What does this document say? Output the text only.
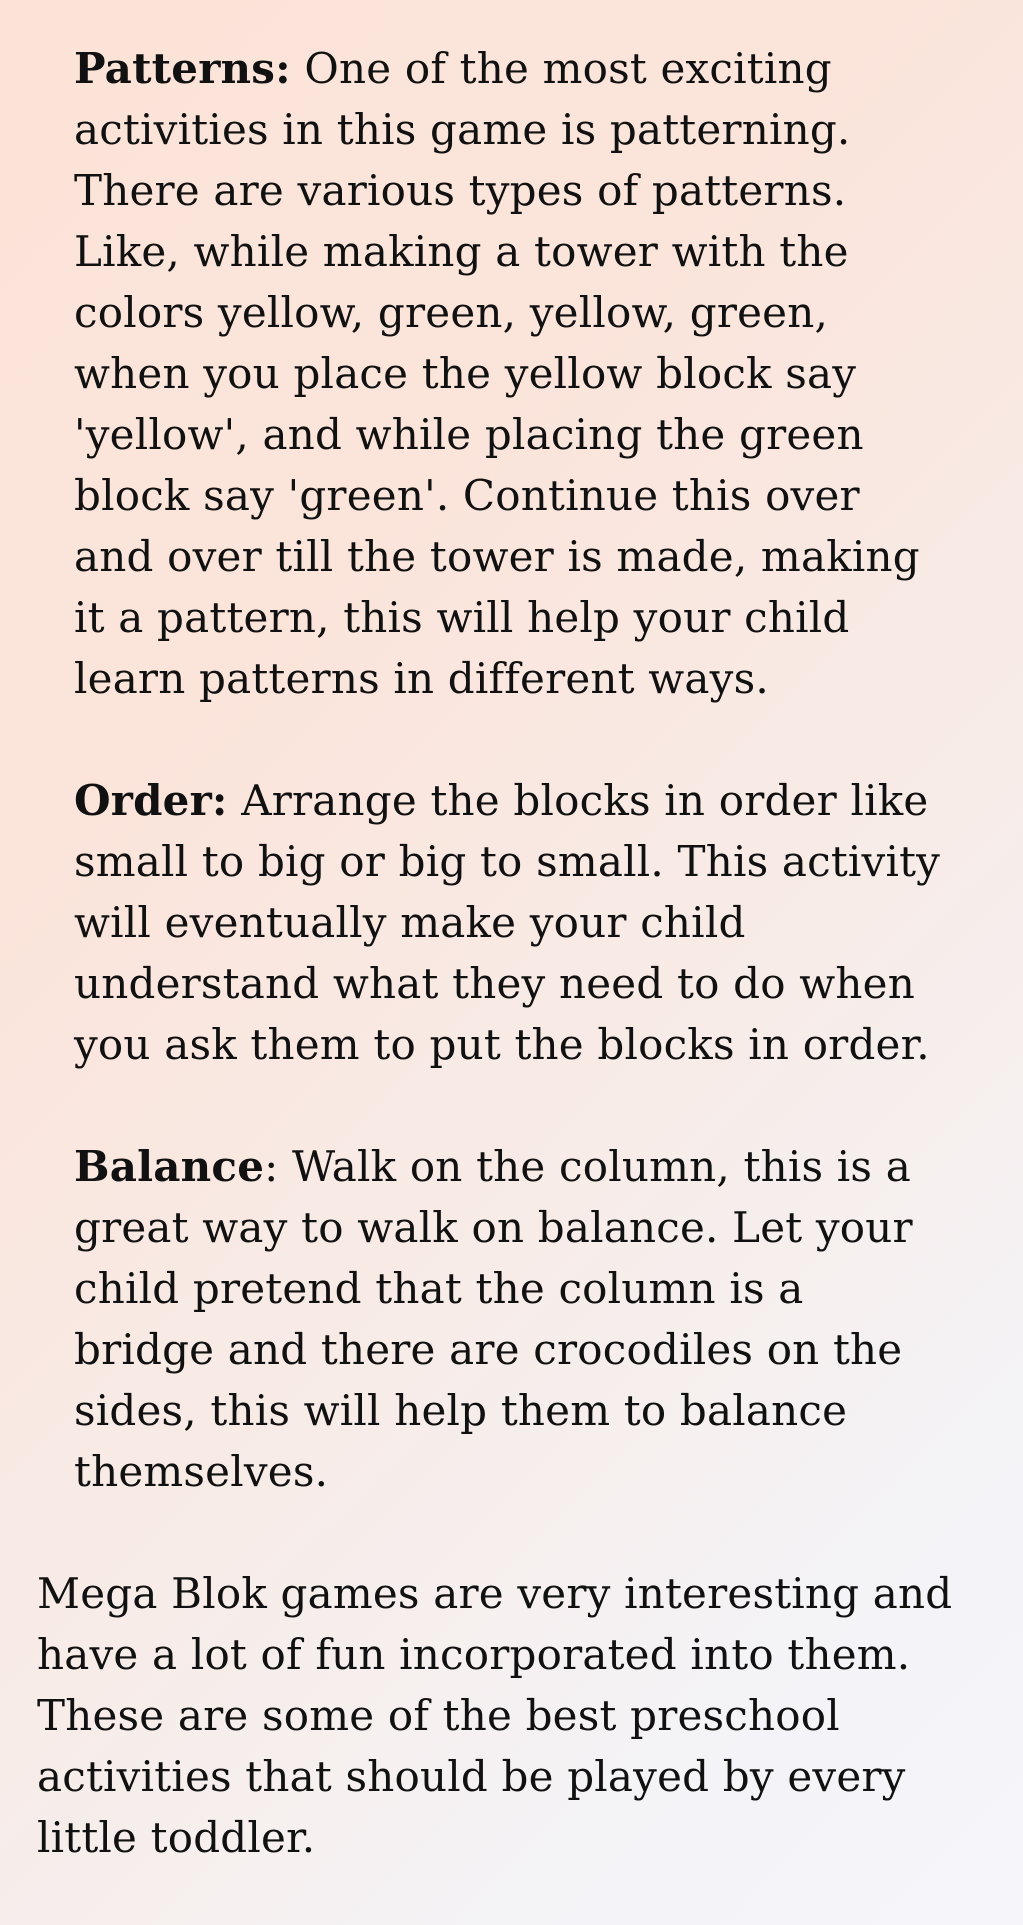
Patterns: One of the most exciting
activities in this game is patterning.
There are various types of patterns.
Like, while making a tower with the
colors yellow, green, yellow, green,
when you place the yellow block say
'yellow', and while placing the green
block say 'green'. Continue this over
and over till the tower is made, making
it a pattern, this will help your child
learn patterns in different ways.

Order: Arrange the blocks in order like
small to big or big to small. This activity
will eventually make your child
understand what they need to do when
you ask them to put the blocks in order.

Balance: Walk on the column, this is a
great way to walk on balance. Let your
child pretend that the column is a
bridge and there are crocodiles on the
sides, this will help them to balance
themselves.

Mega Blok games are very interesting and
have a lot of fun incorporated into them.
These are some of the best preschool
activities that should be played by every
little toddler.
